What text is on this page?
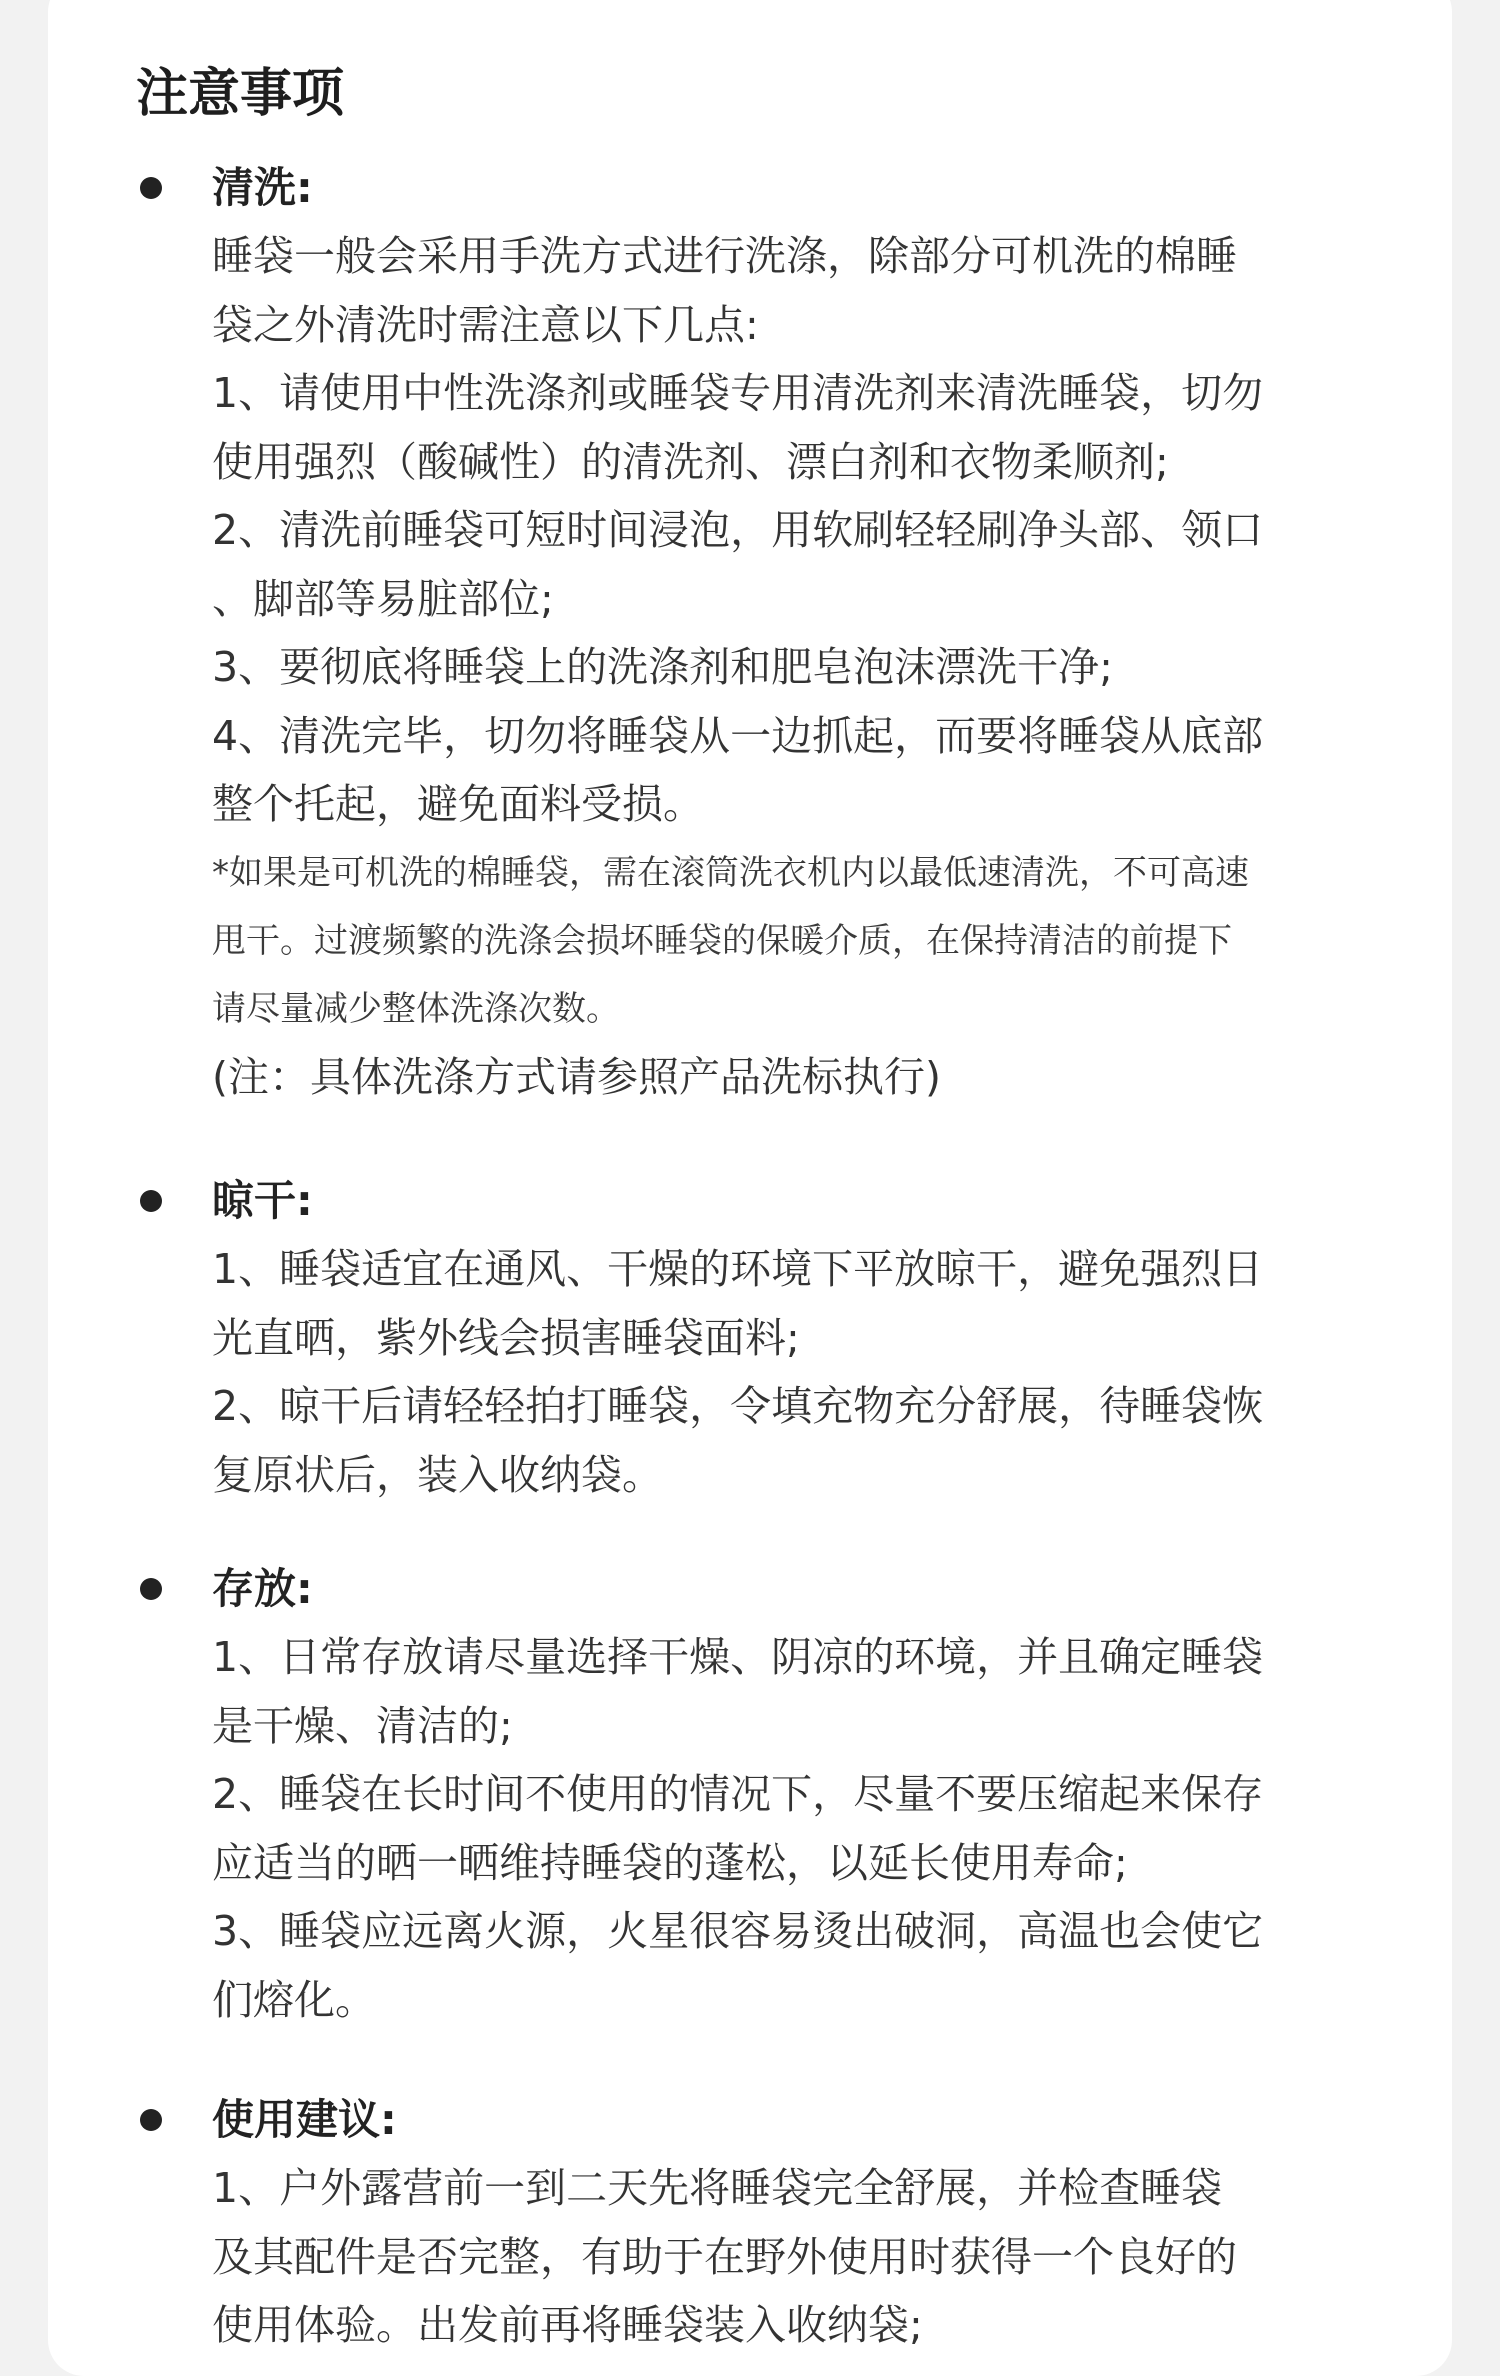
注意事项
清洗:
睡袋一般会采用手洗方式进行洗涤，除部分可机洗的棉睡
袋之外清洗时需注意以下几点:
1、请使用中性洗涤剂或睡袋专用清洗剂来清洗睡袋，切勿
使用强烈（酸碱性）的清洗剂、漂白剂和衣物柔顺剂;
2、清洗前睡袋可短时间浸泡，用软刷轻轻刷净头部、领口
、脚部等易脏部位;
3、要彻底将睡袋上的洗涤剂和肥皂泡沫漂洗干净;
4、清洗完毕，切勿将睡袋从一边抓起，而要将睡袋从底部
整个托起，避免面料受损。
*如果是可机洗的棉睡袋，需在滚筒洗衣机内以最低速清洗，不可高速
甩干。过渡频繁的洗涤会损坏睡袋的保暖介质，在保持清洁的前提下
请尽量减少整体洗涤次数。
(注：具体洗涤方式请参照产品洗标执行)
晾干:
1、睡袋适宜在通风、干燥的环境下平放晾干，避免强烈日
光直晒，紫外线会损害睡袋面料;
2、晾干后请轻轻拍打睡袋，令填充物充分舒展，待睡袋恢
复原状后，装入收纳袋。
存放:
1、日常存放请尽量选择干燥、阴凉的环境，并且确定睡袋
是干燥、清洁的;
2、睡袋在长时间不使用的情况下，尽量不要压缩起来保存
应适当的晒一晒维持睡袋的蓬松，以延长使用寿命;
3、睡袋应远离火源，火星很容易烫出破洞，高温也会使它
们熔化。
使用建议:
1、户外露营前一到二天先将睡袋完全舒展，并检查睡袋
及其配件是否完整，有助于在野外使用时获得一个良好的
使用体验。出发前再将睡袋装入收纳袋;
